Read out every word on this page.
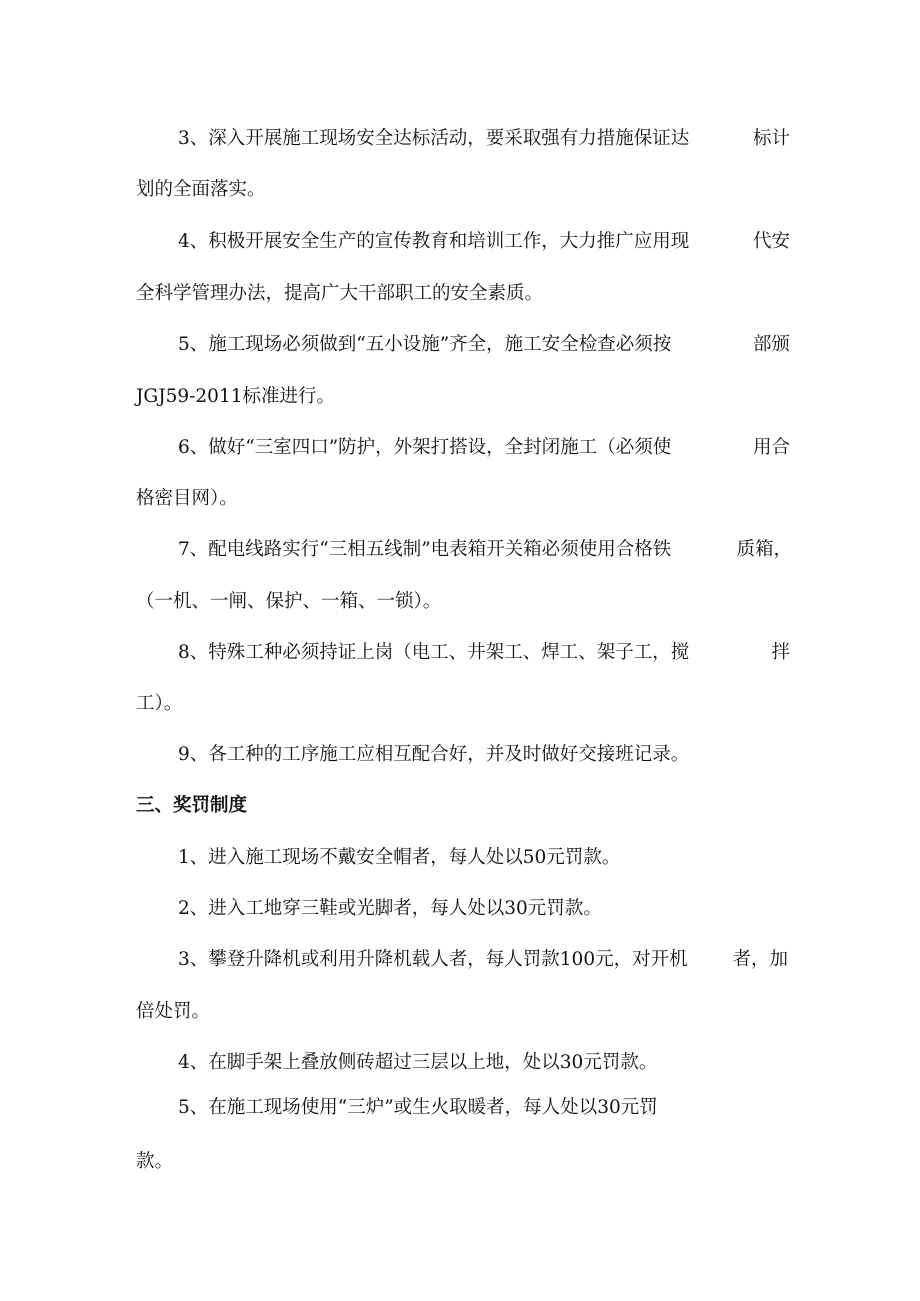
3、深入开展施工现场安全达标活动，要采取强有力措施保证达	标计
划的全面落实。
4、积极开展安全生产的宣传教育和培训工作，大力推广应用现	代安
全科学管理办法，提高广大干部职工的安全素质。
5、施工现场必须做到“五小设施”齐全，施工安全检查必须按	部颁
JGJ59-2011标准进行。
6、做好“三室四口”防护，外架打搭设，全封闭施工（必须使	用合
格密目网）。
7、配电线路实行“三相五线制”电表箱开关箱必须使用合格铁	质箱，
（一机、一闸、保护、一箱、一锁）。
8、特殊工种必须持证上岗（电工、井架工、焊工、架子工，搅	拌
工）。
9、各工种的工序施工应相互配合好，并及时做好交接班记录。
三、奖罚制度
1、进入施工现场不戴安全帽者，每人处以50元罚款。
2、进入工地穿三鞋或光脚者，每人处以30元罚款。
3、攀登升降机或利用升降机载人者，每人罚款100元，对开机 者，加
倍处罚。
4、在脚手架上叠放侧砖超过三层以上地，处以30元罚款。
5、在施工现场使用“三炉”或生火取暖者，每人处以30元罚
款。
